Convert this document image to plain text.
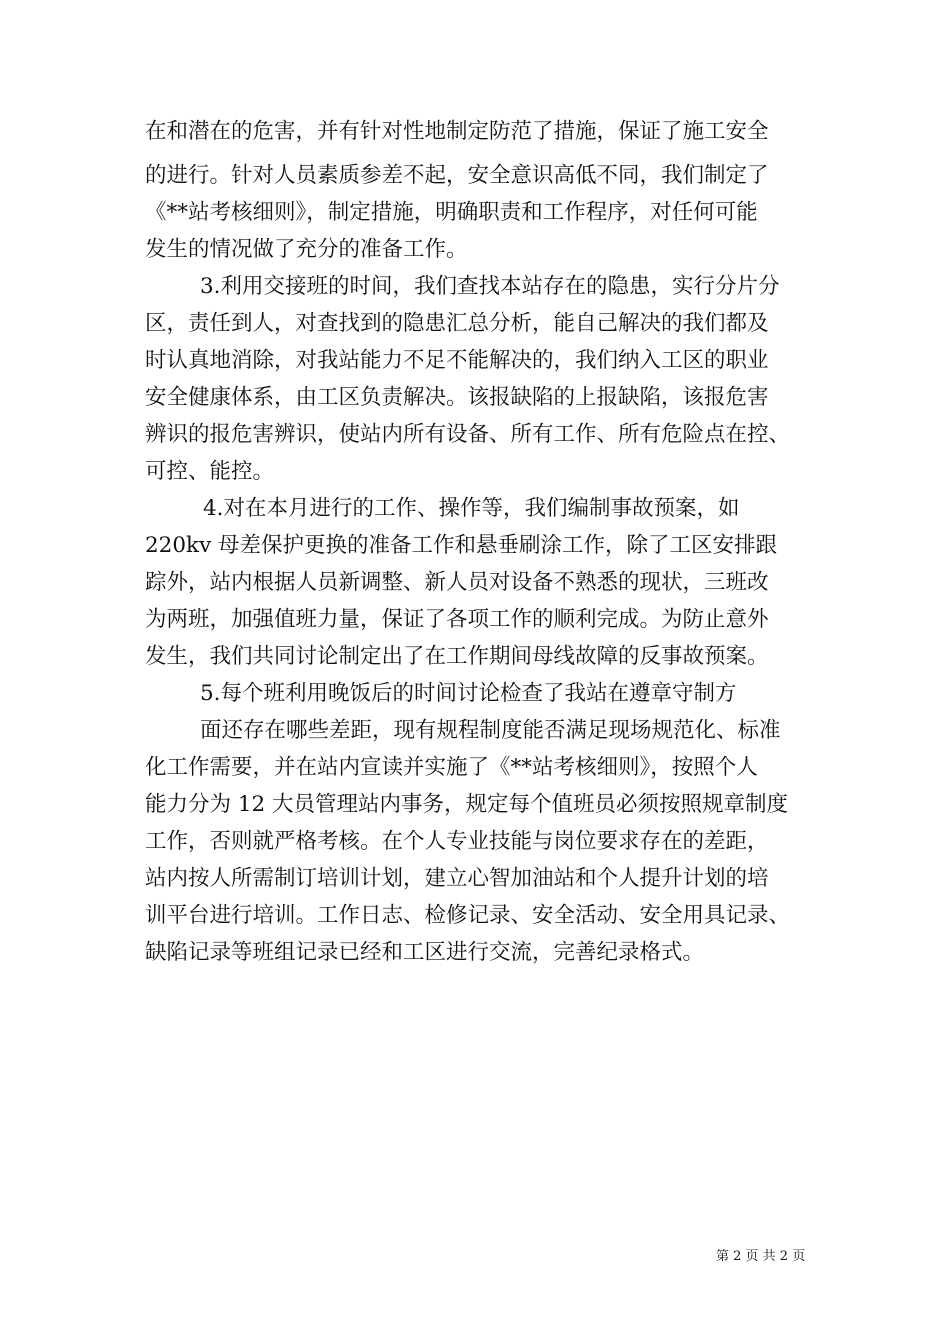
在和潜在的危害，并有针对性地制定防范了措施，保证了施工安全
的进行。针对人员素质参差不起，安全意识高低不同，我们制定了
《**站考核细则》，制定措施，明确职责和工作程序，对任何可能
发生的情况做了充分的准备工作。
3.利用交接班的时间，我们查找本站存在的隐患，实行分片分
区，责任到人，对查找到的隐患汇总分析，能自己解决的我们都及
时认真地消除，对我站能力不足不能解决的，我们纳入工区的职业
安全健康体系，由工区负责解决。该报缺陷的上报缺陷，该报危害
辨识的报危害辨识，使站内所有设备、所有工作、所有危险点在控、
可控、能控。
4.对在本月进行的工作、操作等，我们编制事故预案，如
220kv 母差保护更换的准备工作和悬垂刷涂工作，除了工区安排跟
踪外，站内根据人员新调整、新人员对设备不熟悉的现状，三班改
为两班，加强值班力量，保证了各项工作的顺利完成。为防止意外
发生，我们共同讨论制定出了在工作期间母线故障的反事故预案。
5.每个班利用晚饭后的时间讨论检查了我站在遵章守制方
面还存在哪些差距，现有规程制度能否满足现场规范化、标准
化工作需要，并在站内宣读并实施了《**站考核细则》，按照个人
能力分为 12 大员管理站内事务，规定每个值班员必须按照规章制度
工作，否则就严格考核。在个人专业技能与岗位要求存在的差距，
站内按人所需制订培训计划，建立心智加油站和个人提升计划的培
训平台进行培训。工作日志、检修记录、安全活动、安全用具记录、
缺陷记录等班组记录已经和工区进行交流，完善纪录格式。
第 2 页 共 2 页
